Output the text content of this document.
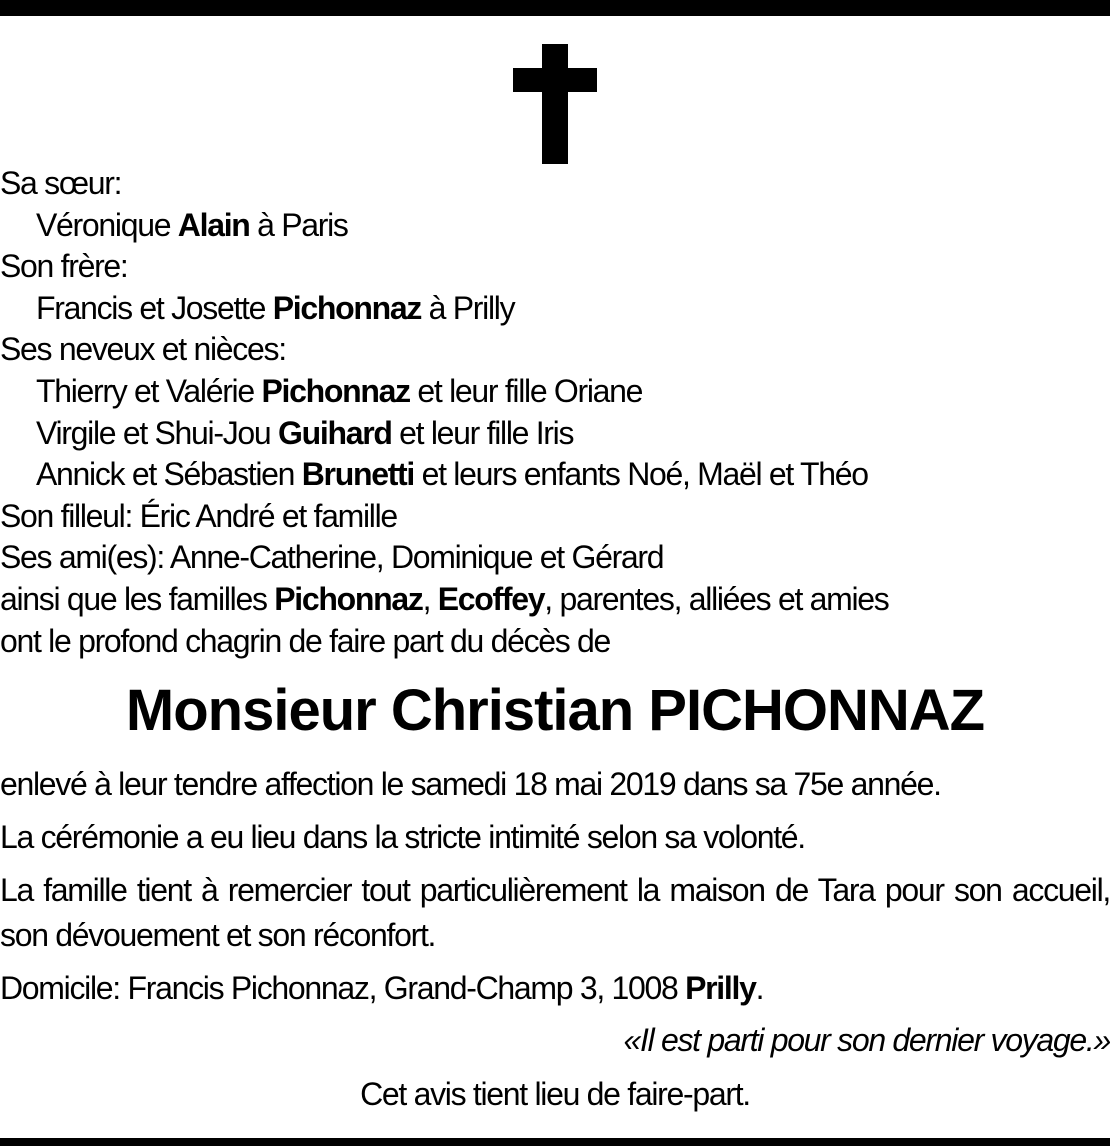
Sa sœur:
Véronique Alain à Paris
Son frère:
Francis et Josette Pichonnaz à Prilly
Ses neveux et nièces:
Thierry et Valérie Pichonnaz et leur fille Oriane
Virgile et Shui-Jou Guihard et leur fille Iris
Annick et Sébastien Brunetti et leurs enfants Noé, Maël et Théo
Son filleul: Éric André et famille
Ses ami(es): Anne-Catherine, Dominique et Gérard
ainsi que les familles Pichonnaz, Ecoffey, parentes, alliées et amies
ont le profond chagrin de faire part du décès de
Monsieur Christian PICHONNAZ

enlevé à leur tendre affection le samedi 18 mai 2019 dans sa 75e année.

La cérémonie a eu lieu dans la stricte intimité selon sa volonté.

La famille tient à remercier tout particulièrement la maison de Tara pour son accueil, son dévouement et son réconfort.

Domicile: Francis Pichonnaz, Grand-Champ 3, 1008 Prilly.

«Il est parti pour son dernier voyage.»
Cet avis tient lieu de faire-part.
